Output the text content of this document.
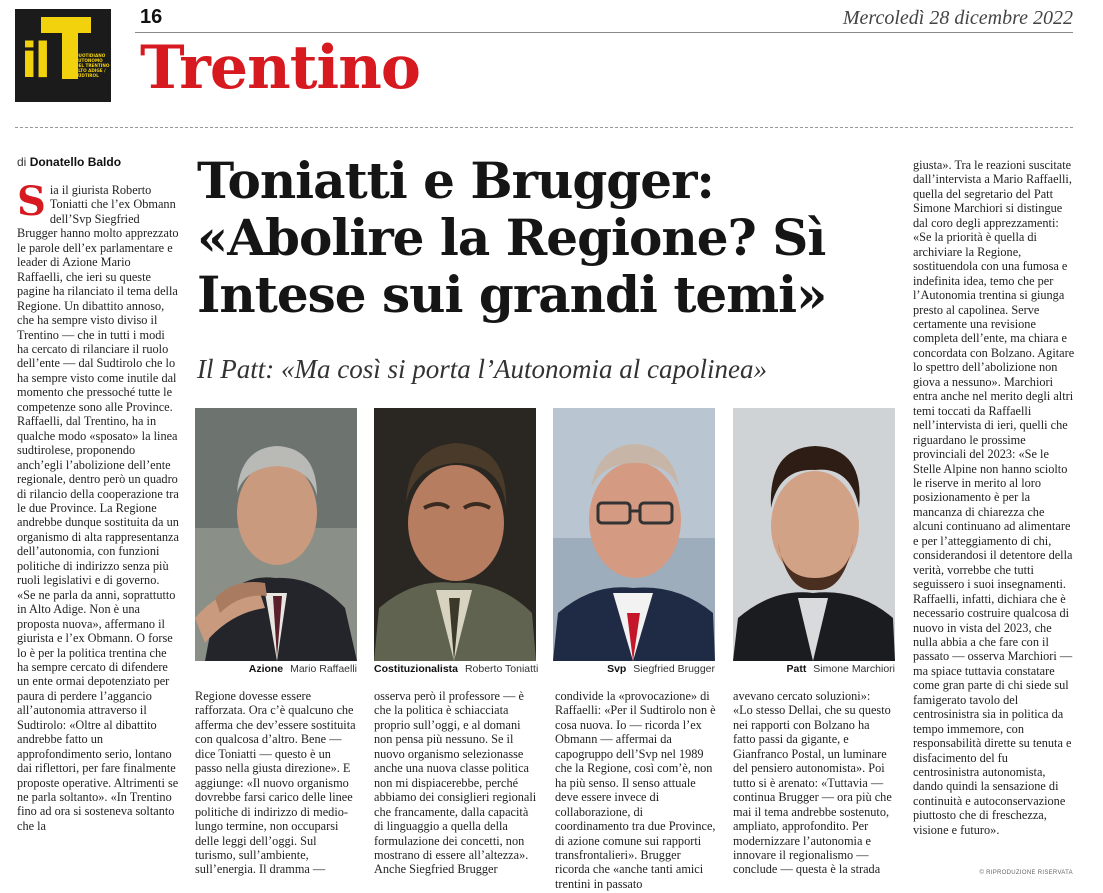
il	QUOTIDIANO AUTONOMO DEL TRENTINO ALTO ADIGE / SÜDTIROL
16	Mercoledì 28 dicembre 2022
Trentino
di Donatello Baldo Toniatti e Brugger: «Abolire la Regione? Sì Intese sui grandi temi»
Il Patt: «Ma così si porta l’Autonomia al capolinea»
S ia il giurista Roberto Toniatti che l’ex Obmann dell’Svp Siegfried Brugger hanno molto apprezzato le parole dell’ex parlamentare e leader di Azione Mario Raffaelli, che ieri su queste pagine ha rilanciato il tema della Regione. Un dibattito annoso, che ha sempre visto diviso il Trentino — che in tutti i modi ha cercato di rilanciare il ruolo dell’ente — dal Sudtirolo che lo ha sempre visto come inutile dal momento che pressoché tutte le competenze sono alle Province. Raffaelli, dal Trentino, ha in qualche modo «sposato» la linea sudtirolese, proponendo anch’egli l’abolizione dell’ente regionale, dentro però un quadro di rilancio della cooperazione tra le due Province. La Regione andrebbe dunque sostituita da un organismo di alta rappresentanza dell’autonomia, con funzioni politiche di indirizzo senza più ruoli legislativi e di governo. «Se ne parla da anni, soprattutto in Alto Adige. Non è una proposta nuova», affermano il giurista e l’ex Obmann. O forse lo è per la politica trentina che ha sempre cercato di difendere un ente ormai depotenziato per paura di perdere l’aggancio all’autonomia attraverso il Sudtirolo: «Oltre al dibattito andrebbe fatto un approfondimento serio, lontano dai riflettori, per fare finalmente proposte operative. Altrimenti se ne parla soltanto». «In Trentino fino ad ora si sosteneva soltanto che la
Azione Mario Raffaelli Costituzionalista Roberto Toniatti	Svp Siegfried Brugger	Patt Simone Marchiori
Regione dovesse essere rafforzata. Ora c’è qualcuno che afferma che dev’essere sostituita con qualcosa d’altro. Bene — dice Toniatti — questo è un passo nella giusta direzione». E aggiunge: «Il nuovo organismo dovrebbe farsi carico delle linee politiche di indirizzo di medio-lungo termine, non occuparsi delle leggi dell’oggi. Sul turismo, sull’ambiente, sull’energia. Il dramma —
osserva però il professore — è che la politica è schiacciata proprio sull’oggi, e al domani non pensa più nessuno. Se il nuovo organismo selezionasse anche una nuova classe politica non mi dispiacerebbe, perché abbiamo dei consiglieri regionali che francamente, dalla capacità di linguaggio a quella della formulazione dei concetti, non mostrano di essere all’altezza». Anche Siegfried Brugger
condivide la «provocazione» di Raffaelli: «Per il Sudtirolo non è cosa nuova. Io — ricorda l’ex Obmann — affermai da capogruppo dell’Svp nel 1989 che la Regione, così com’è, non ha più senso. Il senso attuale deve essere invece di collaborazione, di coordinamento tra due Province, di azione comune sui rapporti transfrontalieri». Brugger ricorda che «anche tanti amici trentini in passato
avevano cercato soluzioni»: «Lo stesso Dellai, che su questo nei rapporti con Bolzano ha fatto passi da gigante, e Gianfranco Postal, un luminare del pensiero autonomista». Poi tutto si è arenato: «Tuttavia — continua Brugger — ora più che mai il tema andrebbe sostenuto, ampliato, approfondito. Per modernizzare l’autonomia e innovare il regionalismo — conclude — questa è la strada
giusta». Tra le reazioni suscitate dall’intervista a Mario Raffaelli, quella del segretario del Patt Simone Marchiori si distingue dal coro degli apprezzamenti: «Se la priorità è quella di archiviare la Regione, sostituendola con una fumosa e indefinita idea, temo che per l’Autonomia trentina si giunga presto al capolinea. Serve certamente una revisione completa dell’ente, ma chiara e concordata con Bolzano. Agitare lo spettro dell’abolizione non giova a nessuno». Marchiori entra anche nel merito degli altri temi toccati da Raffaelli nell’intervista di ieri, quelli che riguardano le prossime provinciali del 2023: «Se le Stelle Alpine non hanno sciolto le riserve in merito al loro posizionamento è per la mancanza di chiarezza che alcuni continuano ad alimentare e per l’atteggiamento di chi, considerandosi il detentore della verità, vorrebbe che tutti seguissero i suoi insegnamenti. Raffaelli, infatti, dichiara che è necessario costruire qualcosa di nuovo in vista del 2023, che nulla abbia a che fare con il passato — osserva Marchiori — ma spiace tuttavia constatare come gran parte di chi siede sul famigerato tavolo del centrosinistra sia in politica da tempo immemore, con responsabilità dirette su tenuta e disfacimento del fu centrosinistra autonomista, dando quindi la sensazione di continuità e autoconservazione piuttosto che di freschezza, visione e futuro».
© RIPRODUZIONE RISERVATA
